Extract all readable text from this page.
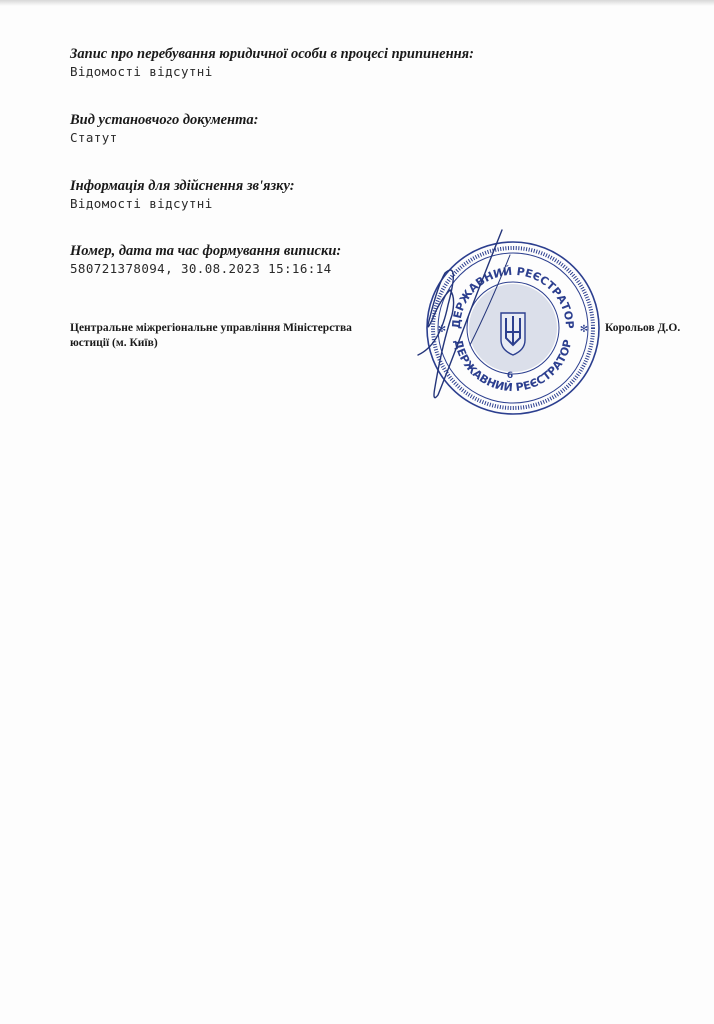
Запис про перебування юридичної особи в процесі припинення:
Відомості відсутні
Вид установчого документа:
Статут
Інформація для здійснення зв'язку:
Відомості відсутні
Номер, дата та час формування виписки:
580721378094, 30.08.2023 15:16:14
Центральне міжрегіональне управління Міністерства
юстиції (м. Київ)
Корольов Д.О.
ДЕРЖАВНИЙ РЕЄСТРАТОР
ДЕРЖАВНИЙ РЕЄСТРАТОР
6
✻	✻
